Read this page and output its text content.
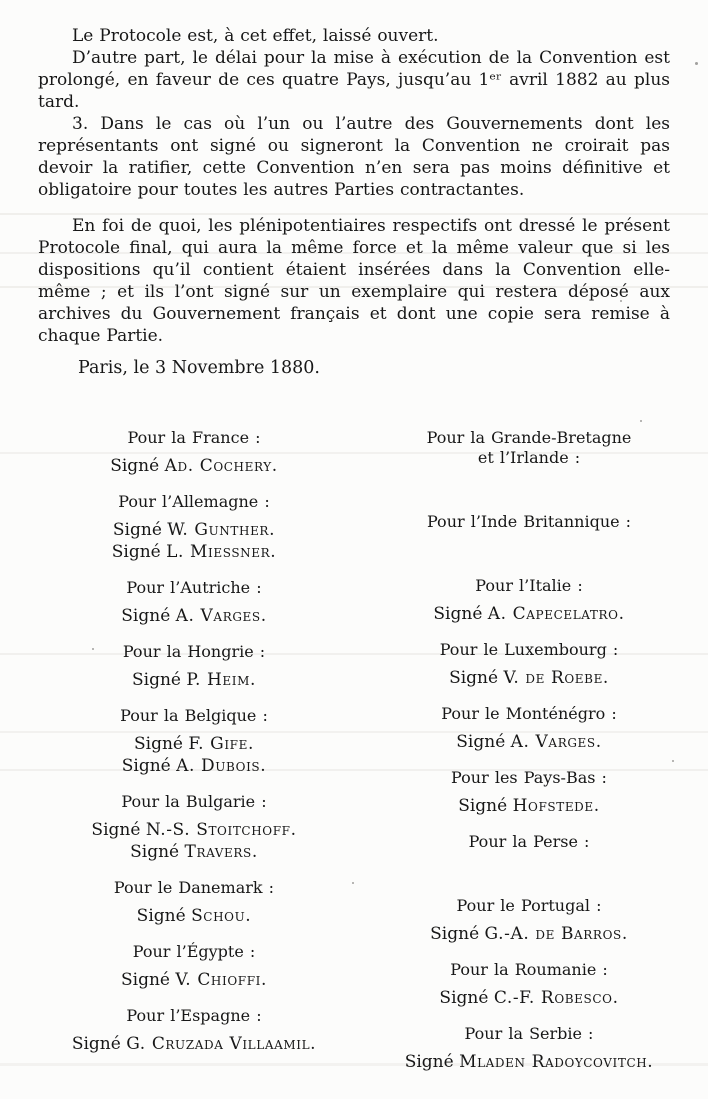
Le Protocole est, à cet effet, laissé ouvert.

D’autre part, le délai pour la mise à exécution de la Convention est prolongé, en faveur de ces quatre Pays, jusqu’au 1ᵉʳ avril 1882 au plus tard.

3. Dans le cas où l’un ou l’autre des Gouvernements dont les représentants ont signé ou signeront la Convention ne croirait pas devoir la ratifier, cette Convention n’en sera pas moins définitive et obligatoire pour toutes les autres Parties contractantes.

En foi de quoi, les plénipotentiaires respectifs ont dressé le présent Protocole final, qui aura la même force et la même valeur que si les dispositions qu’il contient étaient insérées dans la Convention elle-même ; et ils l’ont signé sur un exemplaire qui restera déposé aux archives du Gouvernement français et dont une copie sera remise à chaque Partie.

Paris, le 3 Novembre 1880.

Pour la France :
Signé Ad. Cochery.
Pour l’Allemagne :
Signé W. Gunther.
Signé L. Miessner.
Pour l’Autriche :
Signé A. Varges.
Pour la Hongrie :
Signé P. Heim.
Pour la Belgique :
Signé F. Gife.
Signé A. Dubois.
Pour la Bulgarie :
Signé N.-S. Stoitchoff.
Signé Travers.
Pour le Danemark :
Signé Schou.
Pour l’Égypte :
Signé V. Chioffi.
Pour l’Espagne :
Signé G. Cruzada Villaamil.
Pour la Grande-Bretagne
et l’Irlande :
Pour l’Inde Britannique :
Pour l’Italie :
Signé A. Capecelatro.
Pour le Luxembourg :
Signé V. de Roebe.
Pour le Monténégro :
Signé A. Varges.
Pour les Pays-Bas :
Signé Hofstede.
Pour la Perse :
Pour le Portugal :
Signé G.-A. de Barros.
Pour la Roumanie :
Signé C.-F. Robesco.
Pour la Serbie :
Signé Mladen Radoycovitch.
